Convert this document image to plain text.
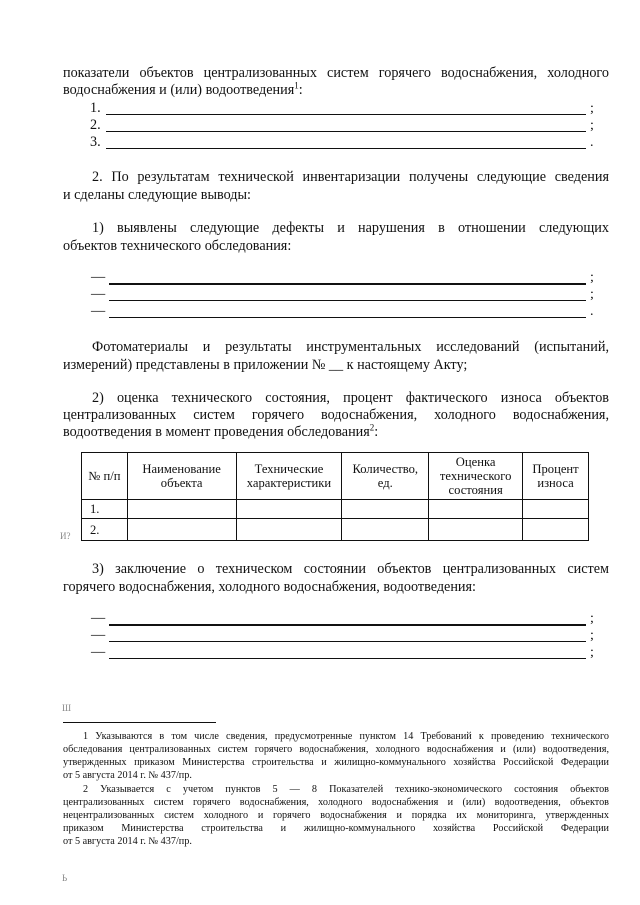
показатели объектов централизованных систем горячего водоснабжения, холодного
водоснабжения и (или) водоотведения$^1$:
1.	;
2.	;
3.	.
2. По результатам технической инвентаризации получены следующие сведения
и сделаны следующие выводы:
1) выявлены следующие дефекты и нарушения в отношении следующих
объектов технического обследования:
—	;
—	;
—	.
Фотоматериалы и результаты инструментальных исследований (испытаний,
измерений) представлены в приложении № __ к настоящему Акту;
2) оценка технического состояния, процент фактического износа объектов
централизованных систем горячего водоснабжения, холодного водоснабжения,
водоотведения в момент проведения обследования$^2$:
№ п/п	Наименование объекта	Технические характеристики	Количество, ед.	Оценка технического состояния	Процент износа
1.					
2.					
И?
3) заключение о техническом состоянии объектов централизованных систем
горячего водоснабжения, холодного водоснабжения, водоотведения:
—	;
—	;
—	;
Ш
1 Указываются в том числе сведения, предусмотренные пунктом 14 Требований к проведению технического
обследования централизованных систем горячего водоснабжения, холодного водоснабжения и (или) водоотведения,
утвержденных приказом Министерства строительства и жилищно-коммунального хозяйства Российской Федерации
от 5 августа 2014 г. № 437/пр.
2 Указывается с учетом пунктов 5 — 8 Показателей технико-экономического состояния объектов
централизованных систем горячего водоснабжения, холодного водоснабжения и (или) водоотведения, объектов
нецентрализованных систем холодного и горячего водоснабжения и порядка их мониторинга, утвержденных
приказом Министерства строительства и жилищно-коммунального хозяйства Российской Федерации
от 5 августа 2014 г. № 437/пр.
Ь
